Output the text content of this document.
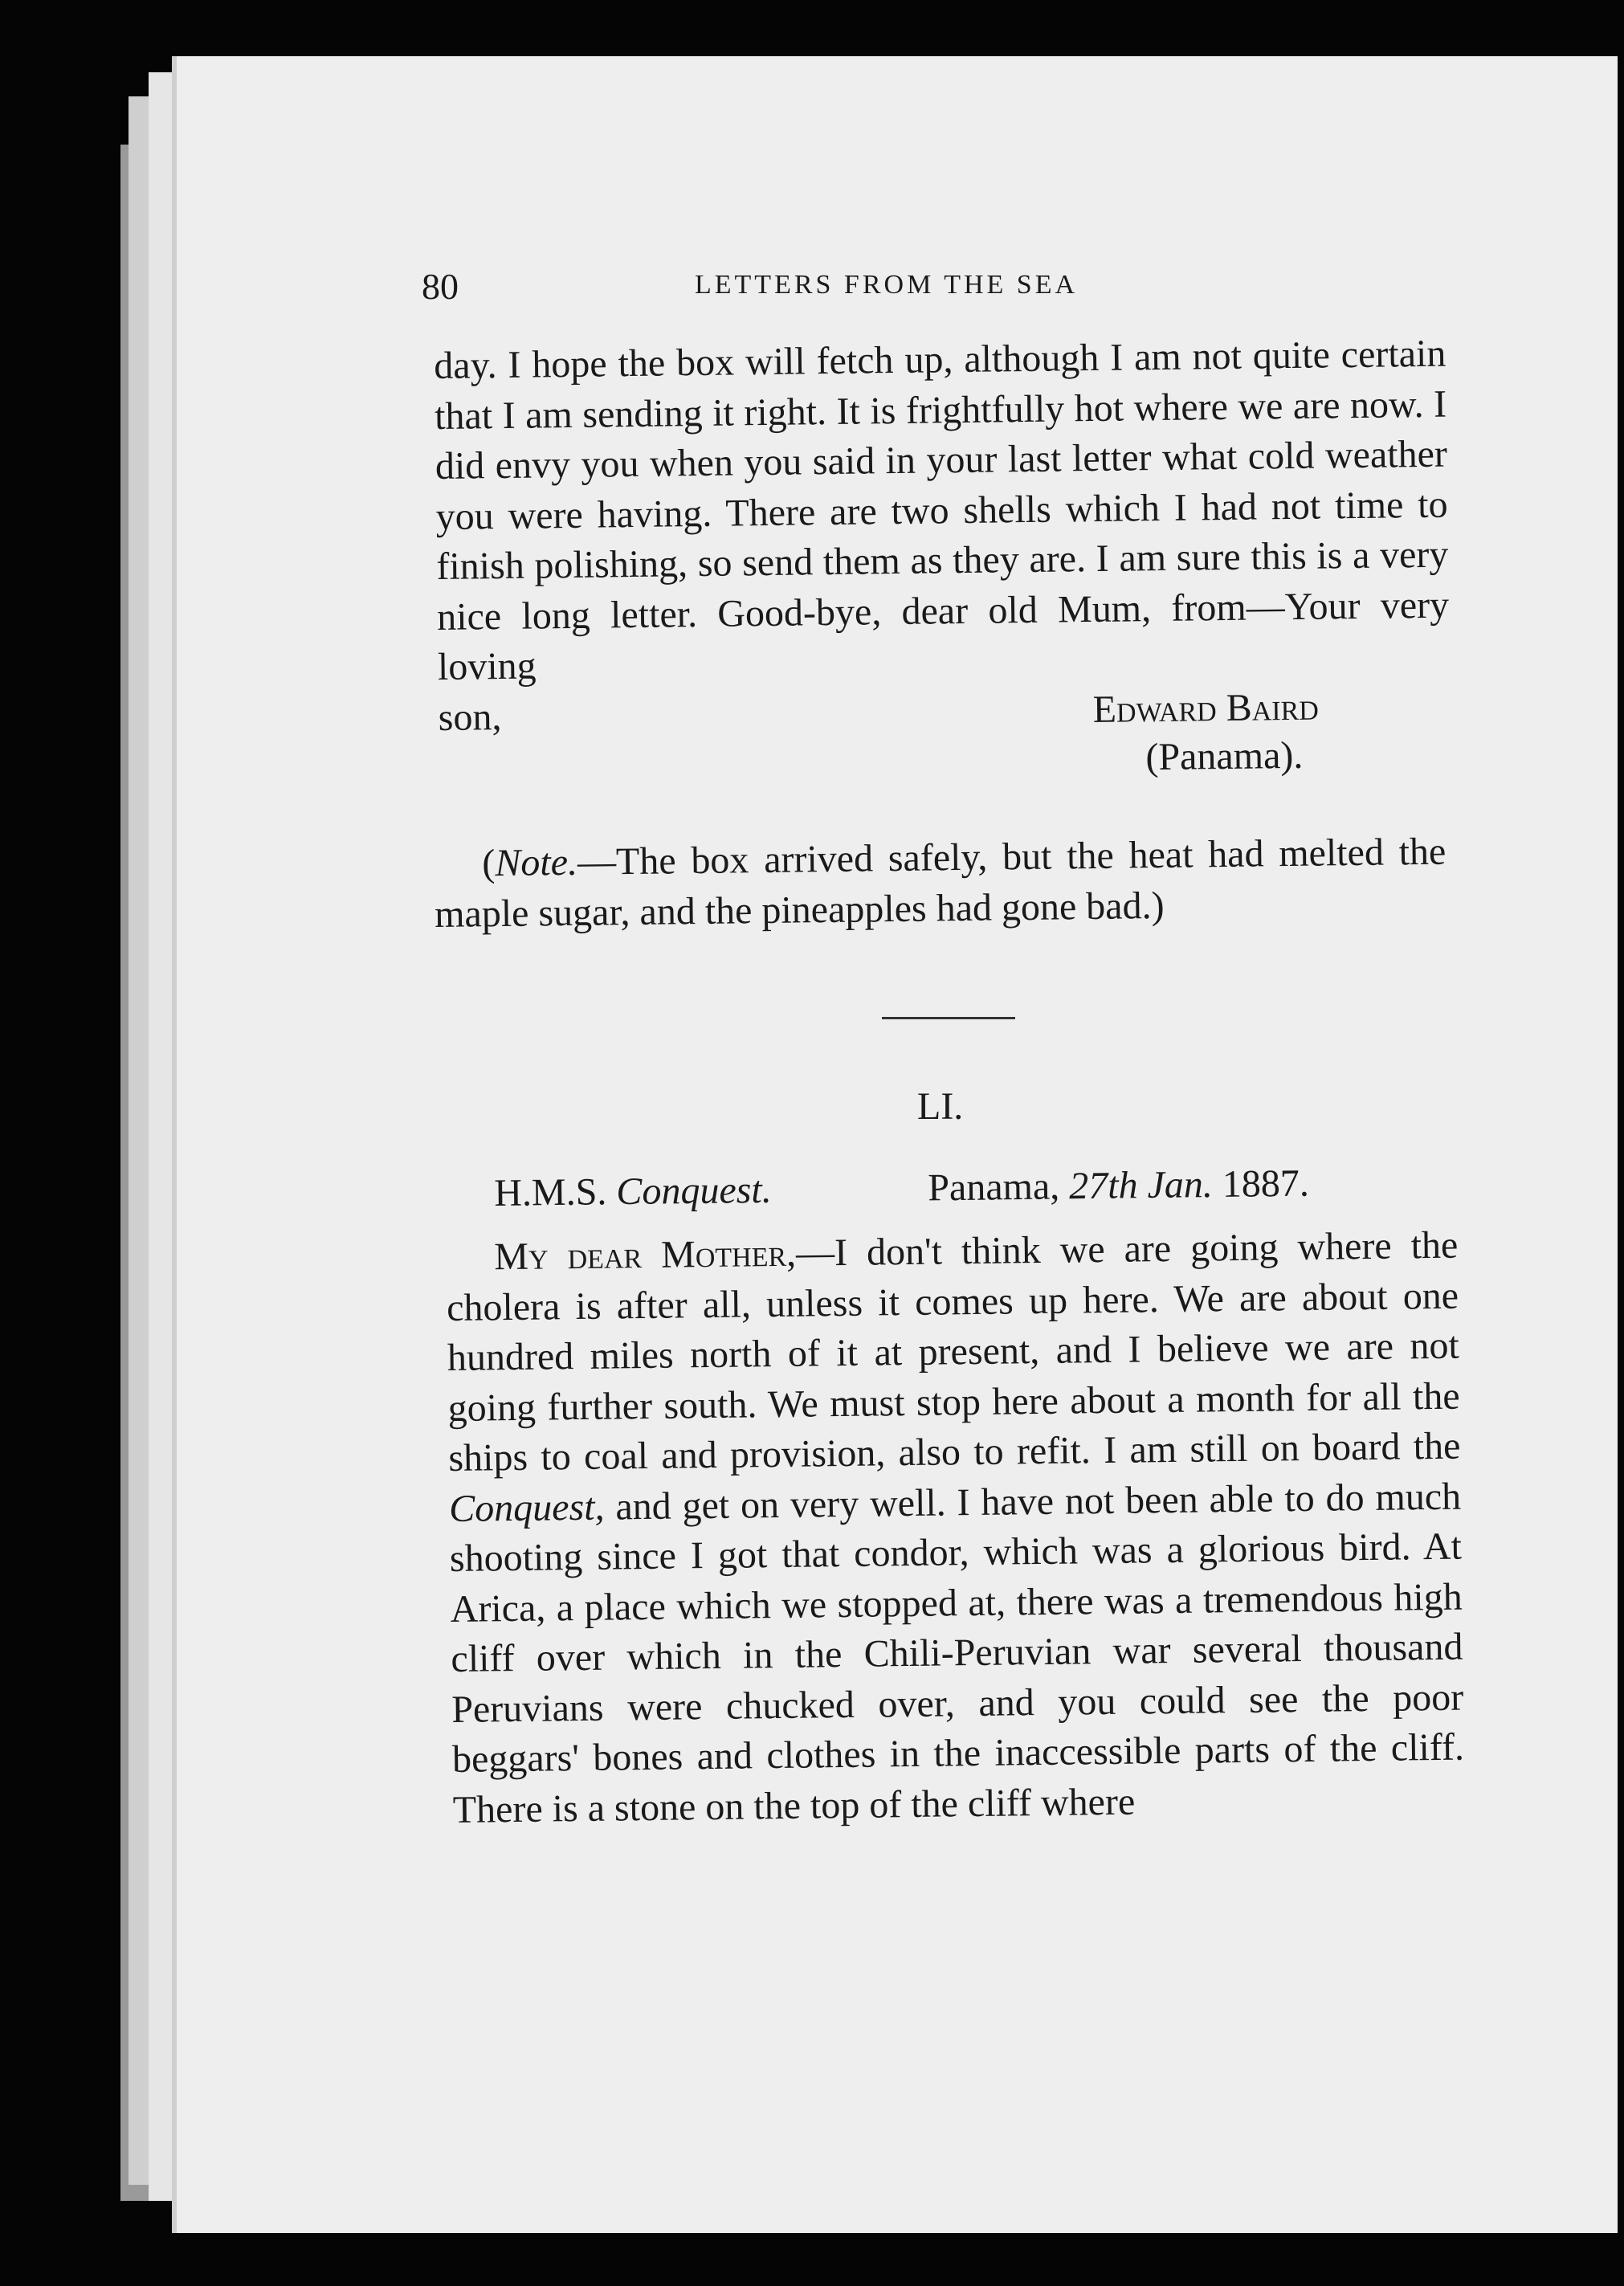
80	LETTERS FROM THE SEA
day. I hope the box will fetch up, although I am not quite certain that I am sending it right. It is frightfully hot where we are now. I did envy you when you said in your last letter what cold weather you were having. There are two shells which I had not time to finish polishing, so send them as they are. I am sure this is a very nice long letter. Good-bye, dear old Mum, from—Your very loving
son,	Edward Baird
(Panama).
(Note.—The box arrived safely, but the heat had melted the maple sugar, and the pineapples had gone bad.)
LI.
H.M.S. Conquest.	Panama, 27th Jan. 1887.
My dear Mother,—I don't think we are going where the cholera is after all, unless it comes up here. We are about one hundred miles north of it at present, and I believe we are not going further south. We must stop here about a month for all the ships to coal and provision, also to refit. I am still on board the Conquest, and get on very well. I have not been able to do much shooting since I got that condor, which was a glorious bird. At Arica, a place which we stopped at, there was a tremendous high cliff over which in the Chili-Peruvian war several thousand Peruvians were chucked over, and you could see the poor beggars' bones and clothes in the inaccessible parts of the cliff. There is a stone on the top of the cliff where
